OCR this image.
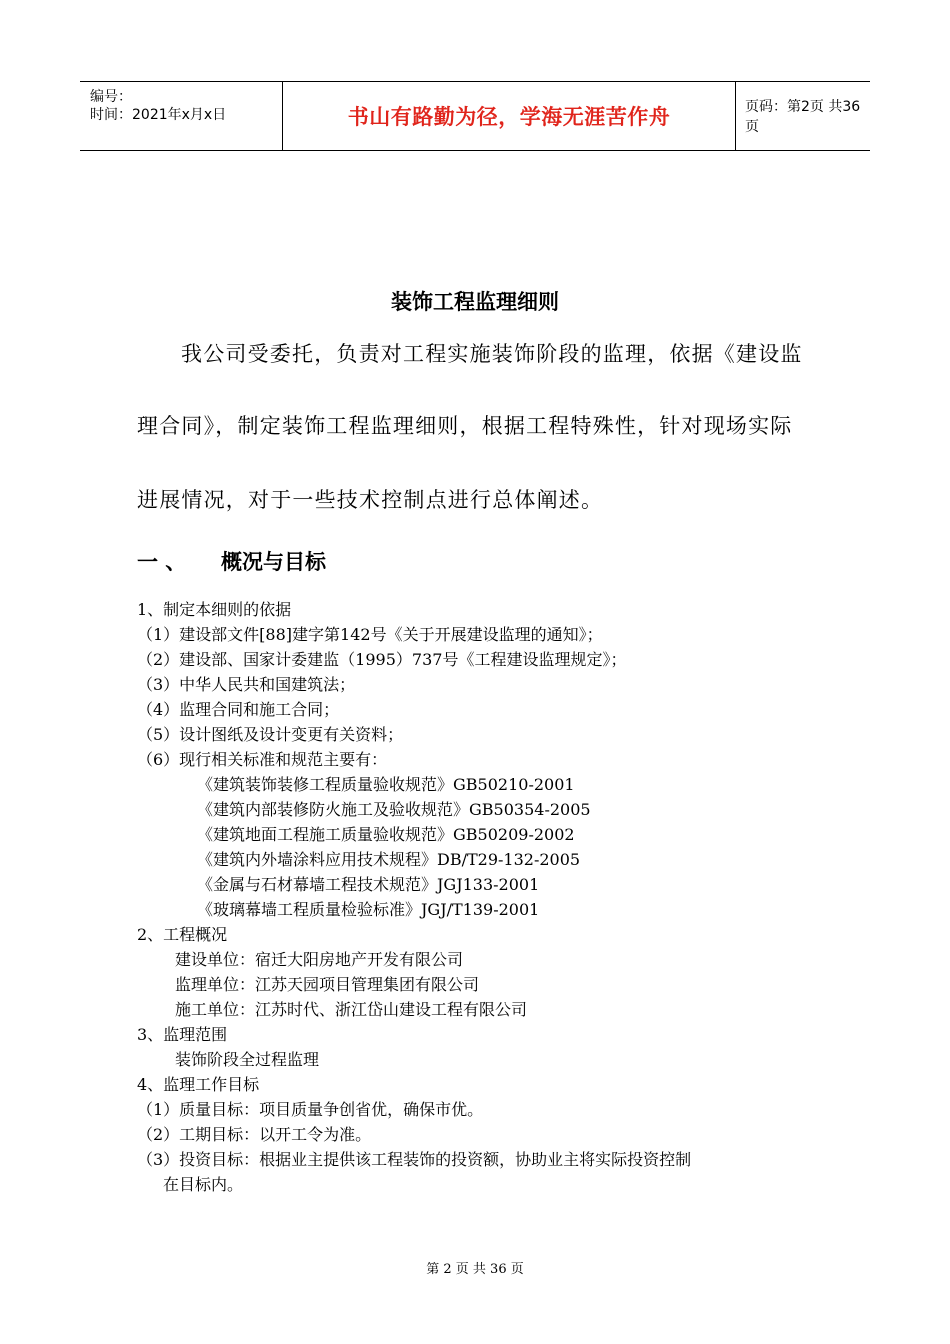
编号：
时间：2021年x月x日	书山有路勤为径，学海无涯苦作舟	页码：第2页 共36页
装饰工程监理细则
我公司受委托，负责对工程实施装饰阶段的监理，依据《建设监
理合同》，制定装饰工程监理细则，根据工程特殊性，针对现场实际
进展情况，对于一些技术控制点进行总体阐述。
一 、 概况与目标
1、制定本细则的依据
（1）建设部文件[88]建字第142号《关于开展建设监理的通知》；
（2）建设部、国家计委建监（1995）737号《工程建设监理规定》；
（3）中华人民共和国建筑法；
（4）监理合同和施工合同；
（5）设计图纸及设计变更有关资料；
（6）现行相关标准和规范主要有：
《建筑装饰装修工程质量验收规范》GB50210-2001
《建筑内部装修防火施工及验收规范》GB50354-2005
《建筑地面工程施工质量验收规范》GB50209-2002
《建筑内外墙涂料应用技术规程》DB/T29-132-2005
《金属与石材幕墙工程技术规范》JGJ133-2001
《玻璃幕墙工程质量检验标准》JGJ/T139-2001
2、工程概况
建设单位：宿迁大阳房地产开发有限公司
监理单位：江苏天园项目管理集团有限公司
施工单位：江苏时代、浙江岱山建设工程有限公司
3、监理范围
装饰阶段全过程监理
4、监理工作目标
（1）质量目标：项目质量争创省优，确保市优。
（2）工期目标：以开工令为准。
（3）投资目标：根据业主提供该工程装饰的投资额，协助业主将实际投资控制
在目标内。
第 2 页 共 36 页
